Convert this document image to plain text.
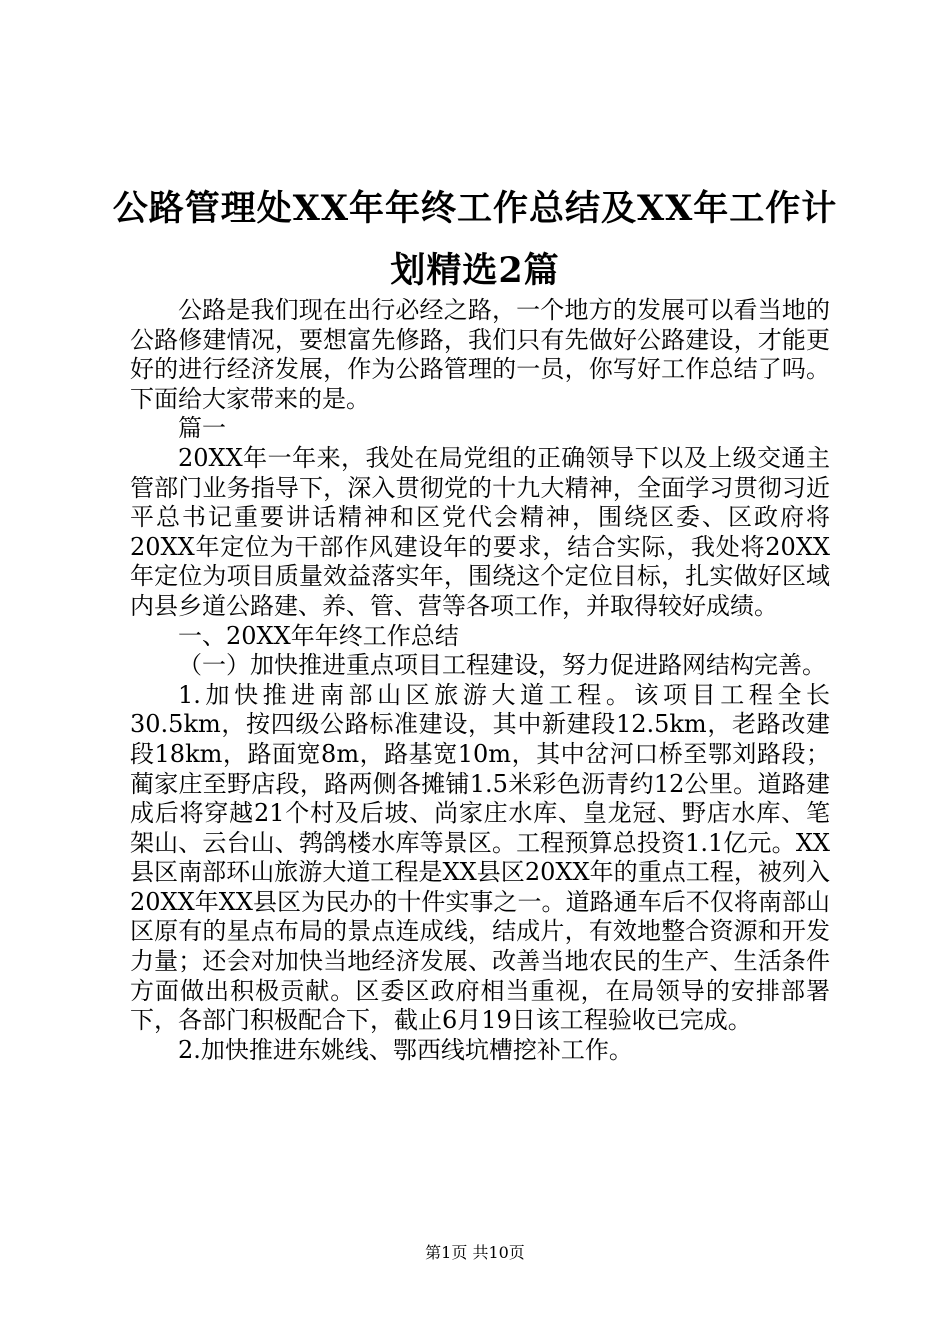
公路管理处XX年年终工作总结及XX年工作计划精选2篇

公路是我们现在出行必经之路，一个地方的发展可以看当地的公路修建情况，要想富先修路，我们只有先做好公路建设，才能更好的进行经济发展，作为公路管理的一员，你写好工作总结了吗。下面给大家带来的是。

篇一

20XX年一年来，我处在局党组的正确领导下以及上级交通主管部门业务指导下，深入贯彻党的十九大精神，全面学习贯彻习近平总书记重要讲话精神和区党代会精神，围绕区委、区政府将20XX年定位为干部作风建设年的要求，结合实际，我处将20XX年定位为项目质量效益落实年，围绕这个定位目标，扎实做好区域内县乡道公路建、养、管、营等各项工作，并取得较好成绩。

一、20XX年年终工作总结

（一）加快推进重点项目工程建设，努力促进路网结构完善。

1.加快推进南部山区旅游大道工程。该项目工程全长30.5km，按四级公路标准建设，其中新建段12.5km，老路改建段18km，路面宽8m，路基宽10m，其中岔河口桥至鄂刘路段；蔺家庄至野店段，路两侧各摊铺1.5米彩色沥青约12公里。道路建成后将穿越21个村及后坡、尚家庄水库、皇龙冠、野店水库、笔架山、云台山、鹁鸽楼水库等景区。工程预算总投资1.1亿元。XX县区南部环山旅游大道工程是XX县区20XX年的重点工程，被列入20XX年XX县区为民办的十件实事之一。道路通车后不仅将南部山区原有的星点布局的景点连成线，结成片，有效地整合资源和开发力量；还会对加快当地经济发展、改善当地农民的生产、生活条件方面做出积极贡献。区委区政府相当重视，在局领导的安排部署下，各部门积极配合下，截止6月19日该工程验收已完成。

2.加快推进东姚线、鄂西线坑槽挖补工作。

第1页 共10页
